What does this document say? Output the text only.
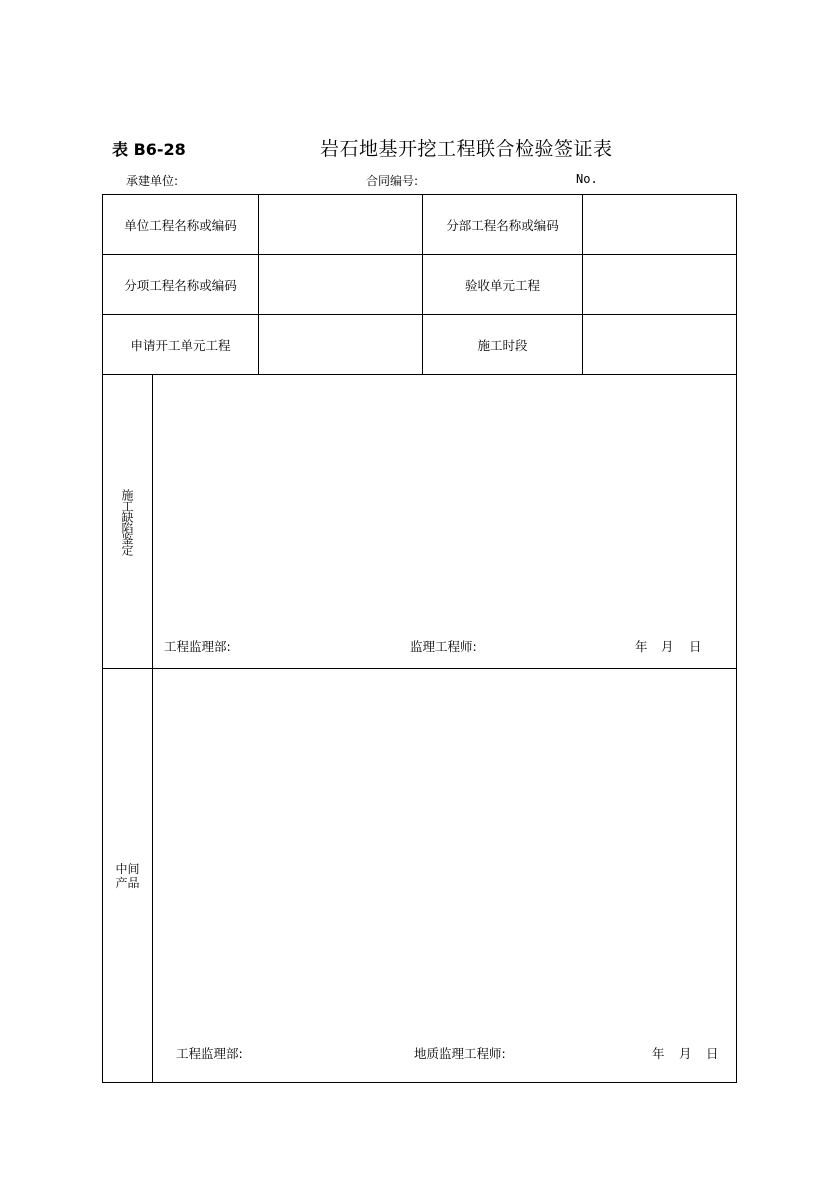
表 B6-28	岩石地基开挖工程联合检验签证表
承建单位:	合同编号:	No.
单位工程名称或编码	分部工程名称或编码
分项工程名称或编码	验收单元工程
申请开工单元工程	施工时段
施工缺陷鉴定
工程监理部:	监理工程师:	年 月 日
中间
产品
工程监理部:	地质监理工程师:	年 月 日
